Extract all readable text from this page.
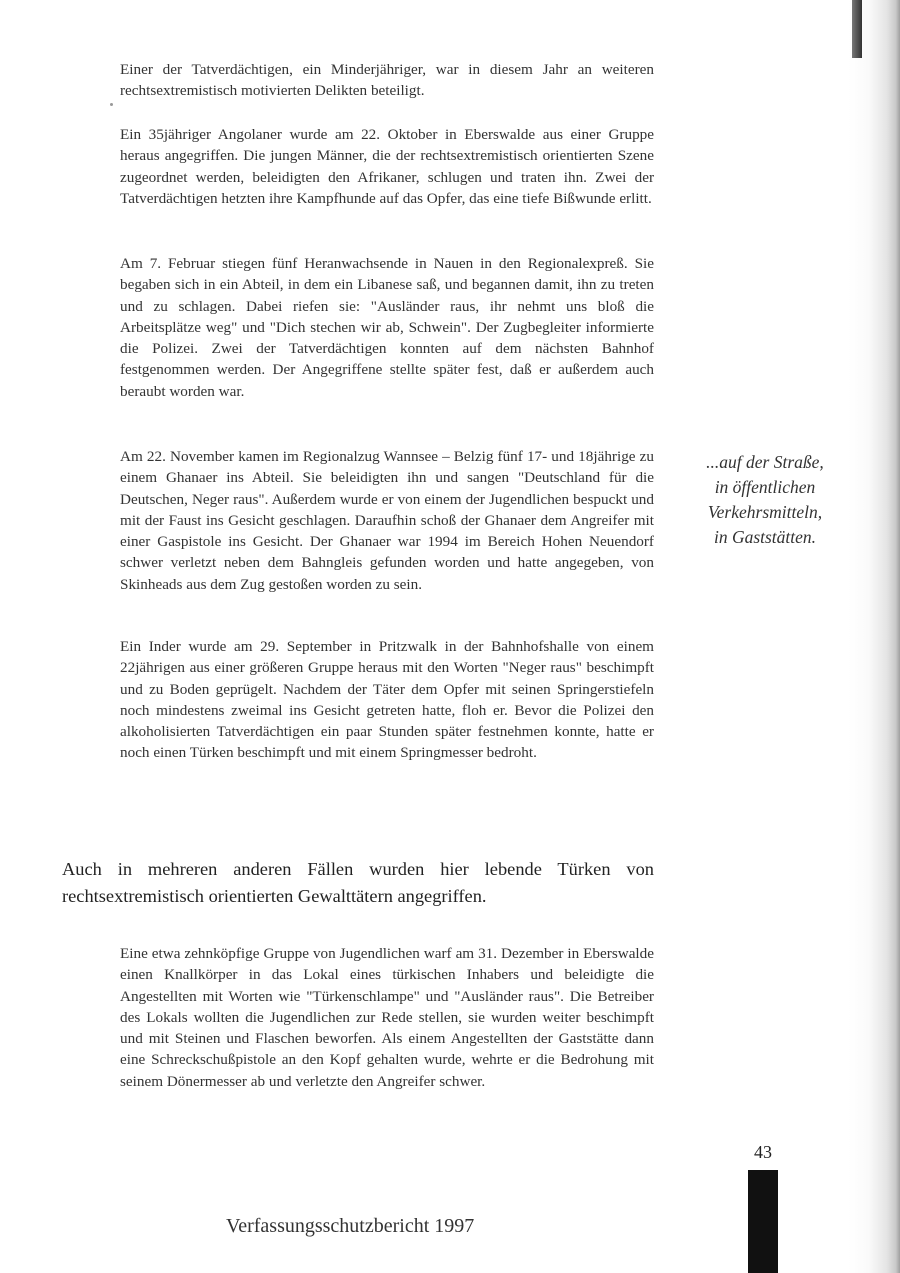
Einer der Tatverdächtigen, ein Minderjähriger, war in diesem Jahr an weiteren rechtsextremistisch motivierten Delikten beteiligt.

Ein 35jähriger Angolaner wurde am 22. Oktober in Eberswalde aus einer Gruppe heraus angegriffen. Die jungen Männer, die der rechtsextremistisch orientierten Szene zugeordnet werden, beleidigten den Afrikaner, schlugen und traten ihn. Zwei der Tatverdächtigen hetzten ihre Kampfhunde auf das Opfer, das eine tiefe Bißwunde erlitt.

Am 7. Februar stiegen fünf Heranwachsende in Nauen in den Regionalexpreß. Sie begaben sich in ein Abteil, in dem ein Libanese saß, und begannen damit, ihn zu treten und zu schlagen. Dabei riefen sie: "Ausländer raus, ihr nehmt uns bloß die Arbeitsplätze weg" und "Dich stechen wir ab, Schwein". Der Zugbegleiter informierte die Polizei. Zwei der Tatverdächtigen konnten auf dem nächsten Bahnhof festgenommen werden. Der Angegriffene stellte später fest, daß er außerdem auch beraubt worden war.

Am 22. November kamen im Regionalzug Wannsee – Belzig fünf 17- und 18jährige zu einem Ghanaer ins Abteil. Sie beleidigten ihn und sangen "Deutschland für die Deutschen, Neger raus". Außerdem wurde er von einem der Jugendlichen bespuckt und mit der Faust ins Gesicht geschlagen. Daraufhin schoß der Ghanaer dem Angreifer mit einer Gaspistole ins Gesicht. Der Ghanaer war 1994 im Bereich Hohen Neuendorf schwer verletzt neben dem Bahngleis gefunden worden und hatte angegeben, von Skinheads aus dem Zug gestoßen worden zu sein.

Ein Inder wurde am 29. September in Pritzwalk in der Bahnhofshalle von einem 22jährigen aus einer größeren Gruppe heraus mit den Worten "Neger raus" beschimpft und zu Boden geprügelt. Nachdem der Täter dem Opfer mit seinen Springerstiefeln noch mindestens zweimal ins Gesicht getreten hatte, floh er. Bevor die Polizei den alkoholisierten Tatverdächtigen ein paar Stunden später festnehmen konnte, hatte er noch einen Türken beschimpft und mit einem Springmesser bedroht.

...auf der Straße,
in öffentlichen
Verkehrsmitteln,
in Gaststätten.

Auch in mehreren anderen Fällen wurden hier lebende Türken von rechtsextremistisch orientierten Gewalttätern angegriffen.

Eine etwa zehnköpfige Gruppe von Jugendlichen warf am 31. Dezember in Eberswalde einen Knallkörper in das Lokal eines türkischen Inhabers und beleidigte die Angestellten mit Worten wie "Türkenschlampe" und "Ausländer raus". Die Betreiber des Lokals wollten die Jugendlichen zur Rede stellen, sie wurden weiter beschimpft und mit Steinen und Flaschen beworfen. Als einem Angestellten der Gaststätte dann eine Schreckschußpistole an den Kopf gehalten wurde, wehrte er die Bedrohung mit seinem Dönermesser ab und verletzte den Angreifer schwer.

43
Verfassungsschutzbericht 1997
